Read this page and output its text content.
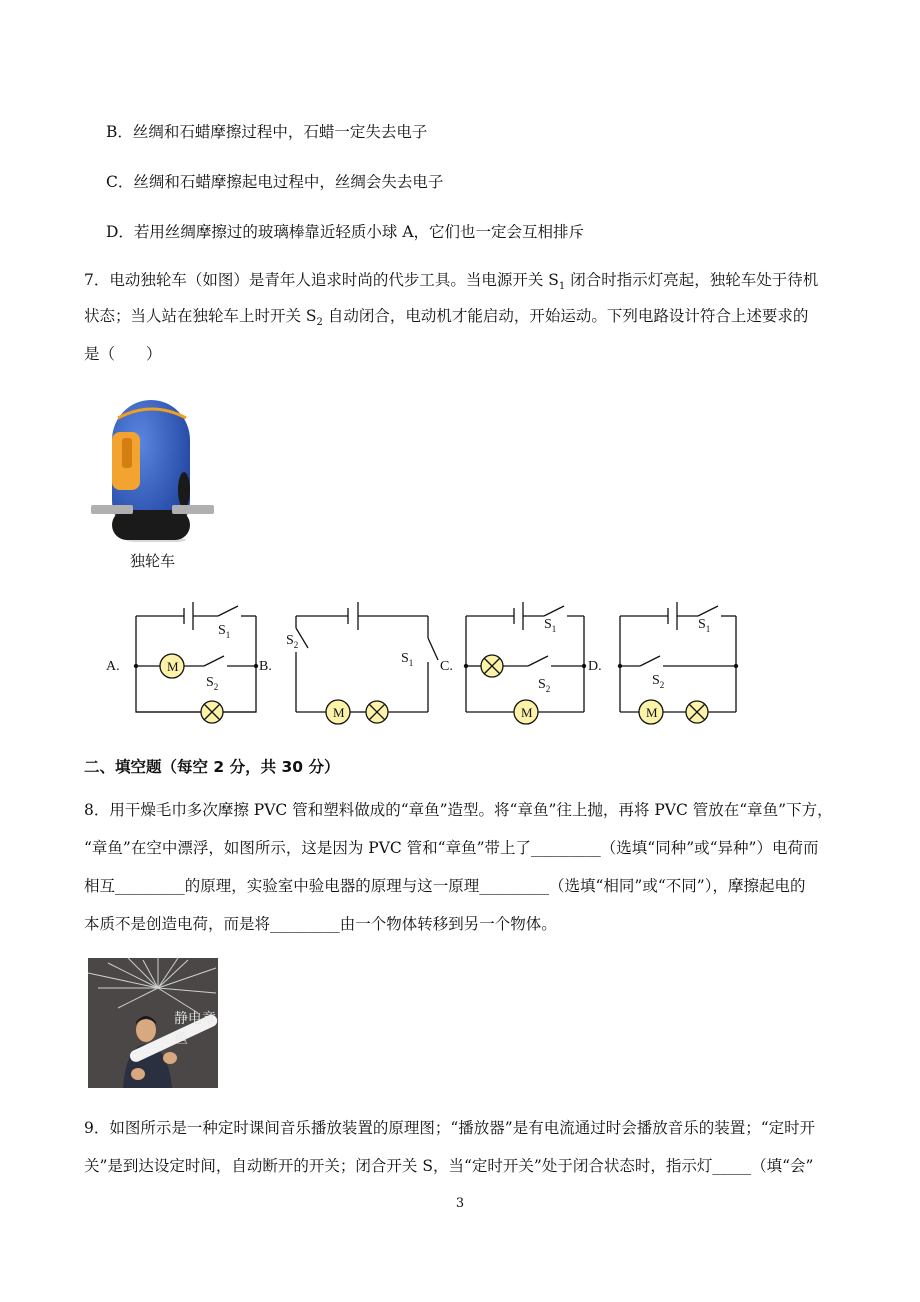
B．丝绸和石蜡摩擦过程中，石蜡一定失去电子
C．丝绸和石蜡摩擦起电过程中，丝绸会失去电子
D．若用丝绸摩擦过的玻璃棒靠近轻质小球 A，它们也一定会互相排斥
7．电动独轮车（如图）是青年人追求时尚的代步工具。当电源开关 $S_1$ 闭合时指示灯亮起，独轮车处于待机
状态；当人站在独轮车上时开关 $S_2$ 自动闭合，电动机才能启动，开始运动。下列电路设计符合上述要求的
是（　　）
独轮车
A.	B.	C.	D.
M
M	M	M
$S_1$
$S_2$
$S_2$
$S_1$
$S_1$
$S_2$
$S_1$
$S_2$
二、填空题（每空 2 分，共 30 分）
8．用干燥毛巾多次摩擦 PVC 管和塑料做成的“章鱼”造型。将“章鱼”往上抛，再将 PVC 管放在“章鱼”下方，
“章鱼”在空中漂浮，如图所示，这是因为 PVC 管和“章鱼”带上了_________（选填“同种”或“异种”）电荷而
相互_________的原理，实验室中验电器的原理与这一原理_________（选填“相同”或“不同”），摩擦起电的
本质不是创造电荷，而是将_________由一个物体转移到另一个物体。
静电章鱼
9．如图所示是一种定时课间音乐播放装置的原理图；“播放器”是有电流通过时会播放音乐的装置；“定时开
关”是到达设定时间，自动断开的开关；闭合开关 S，当“定时开关”处于闭合状态时，指示灯_____（填“会”
3
